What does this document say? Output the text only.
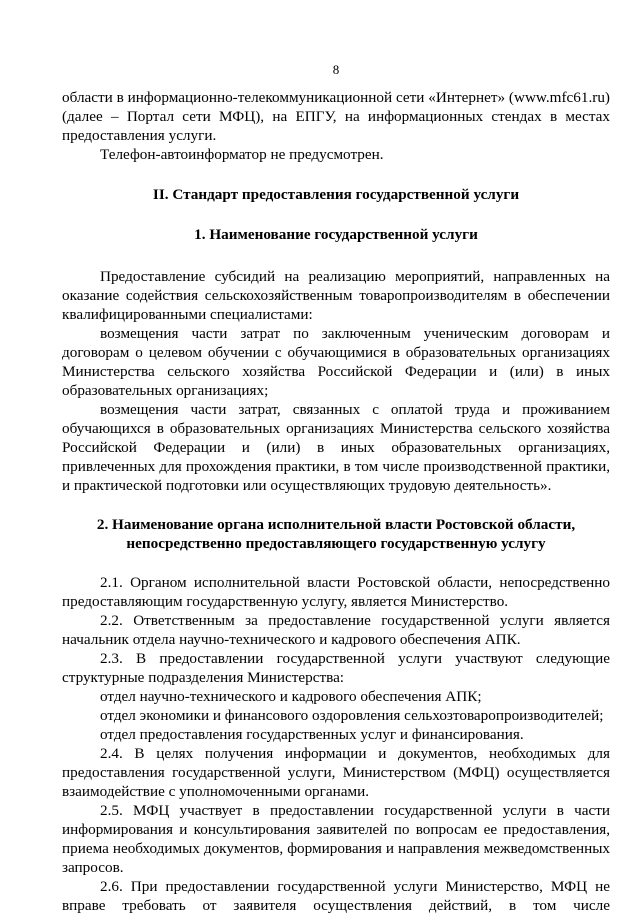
8

области в информационно-телекоммуникационной сети «Интернет» (www.mfc61.ru) (далее – Портал сети МФЦ), на ЕПГУ, на информационных стендах в местах предоставления услуги.

Телефон-автоинформатор не предусмотрен.

II. Стандарт предоставления государственной услуги
1. Наименование государственной услуги

Предоставление субсидий на реализацию мероприятий, направленных на оказание содействия сельскохозяйственным товаропроизводителям в обеспечении квалифицированными специалистами:

возмещения части затрат по заключенным ученическим договорам и договорам о целевом обучении с обучающимися в образовательных организациях Министерства сельского хозяйства Российской Федерации и (или) в иных образовательных организациях;

возмещения части затрат, связанных с оплатой труда и проживанием обучающихся в образовательных организациях Министерства сельского хозяйства Российской Федерации и (или) в иных образовательных организациях, привлеченных для прохождения практики, в том числе производственной практики, и практической подготовки или осуществляющих трудовую деятельность».

2. Наименование органа исполнительной власти Ростовской области,
непосредственно предоставляющего государственную услугу

2.1. Органом исполнительной власти Ростовской области, непосредственно предоставляющим государственную услугу, является Министерство.

2.2. Ответственным за предоставление государственной услуги является начальник отдела научно-технического и кадрового обеспечения АПК.

2.3. В предоставлении государственной услуги участвуют следующие структурные подразделения Министерства:

отдел научно-технического и кадрового обеспечения АПК;

отдел экономики и финансового оздоровления сельхозтоваропроизводителей;

отдел предоставления государственных услуг и финансирования.

2.4. В целях получения информации и документов, необходимых для предоставления государственной услуги, Министерством (МФЦ) осуществляется взаимодействие с уполномоченными органами.

2.5. МФЦ участвует в предоставлении государственной услуги в части информирования и консультирования заявителей по вопросам ее предоставления, приема необходимых документов, формирования и направления межведомственных запросов.

2.6. При предоставлении государственной услуги Министерство, МФЦ не вправе требовать от заявителя осуществления действий, в том числе
